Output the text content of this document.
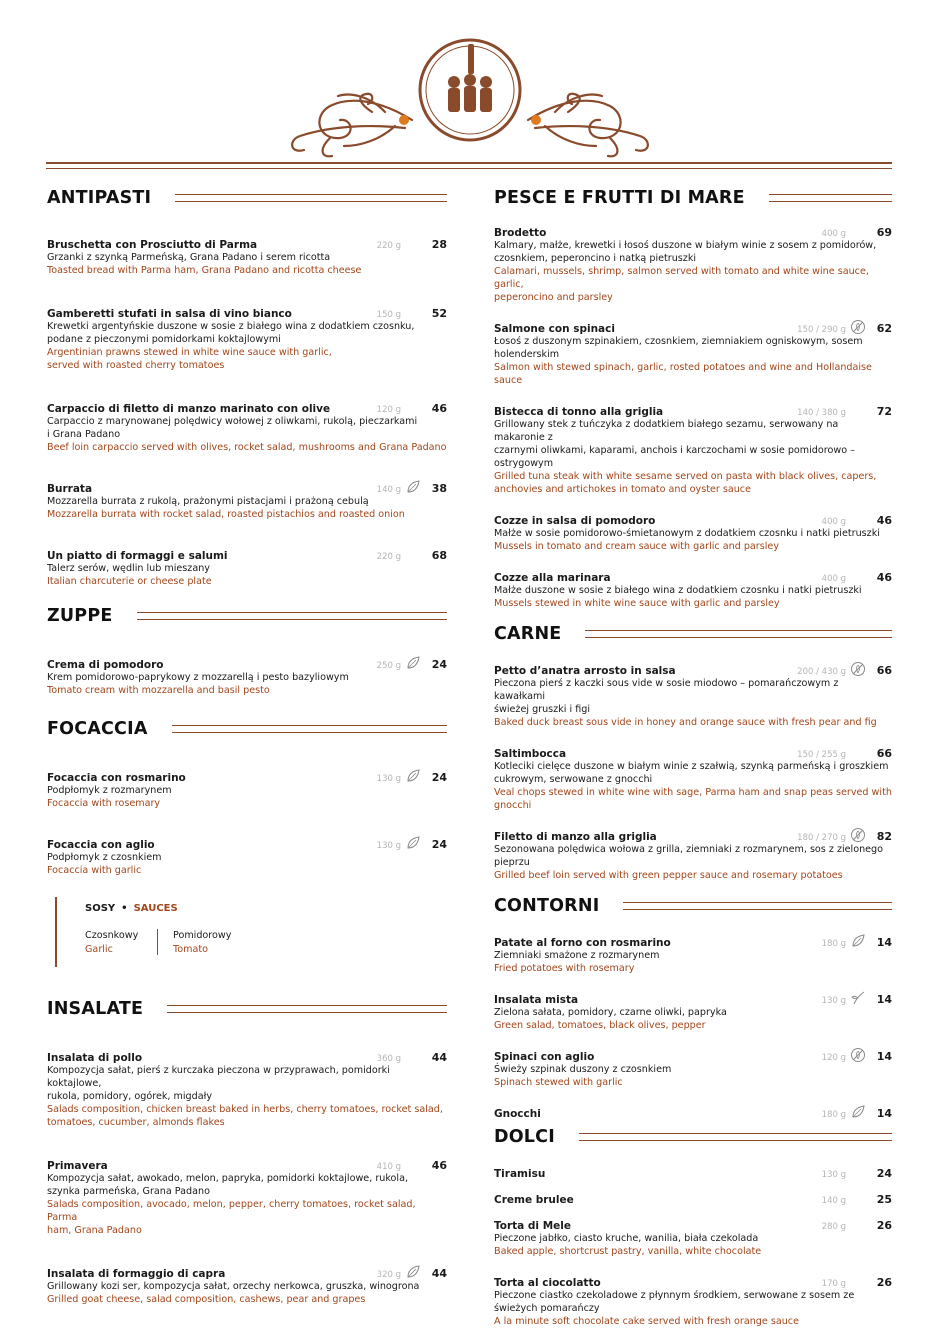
ANTIPASTI
Bruschetta con Prosciutto di Parma	220 g	28
Grzanki z szynką Parmeńską, Grana Padano i serem ricotta
Toasted bread with Parma ham, Grana Padano and ricotta cheese
Gamberetti stufati in salsa di vino bianco	150 g	52
Krewetki argentyńskie duszone w sosie z białego wina z dodatkiem czosnku,
podane z pieczonymi pomidorkami koktajlowymi
Argentinian prawns stewed in white wine sauce with garlic,
served with roasted cherry tomatoes
Carpaccio di filetto di manzo marinato con olive	120 g	46
Carpaccio z marynowanej polędwicy wołowej z oliwkami, rukolą, pieczarkami
i Grana Padano
Beef loin carpaccio served with olives, rocket salad, mushrooms and Grana Padano
Burrata	140 g	38
Mozzarella burrata z rukolą, prażonymi pistacjami i prażoną cebulą
Mozzarella burrata with rocket salad, roasted pistachios and roasted onion
Un piatto di formaggi e salumi	220 g	68
Talerz serów, wędlin lub mieszany
Italian charcuterie or cheese plate
ZUPPE
Crema di pomodoro	250 g	24
Krem pomidorowo-paprykowy z mozzarellą i pesto bazyliowym
Tomato cream with mozzarella and basil pesto
FOCACCIA
Focaccia con rosmarino	130 g	24
Podpłomyk z rozmarynem
Focaccia with rosemary
Focaccia con aglio	130 g	24
Podpłomyk z czosnkiem
Focaccia with garlic
SOSY • SAUCES
Czosnkowy
Garlic
Pomidorowy
Tomato
INSALATE
Insalata di pollo	360 g	44
Kompozycja sałat, pierś z kurczaka pieczona w przyprawach, pomidorki koktajlowe,
rukola, pomidory, ogórek, migdały
Salads composition, chicken breast baked in herbs, cherry tomatoes, rocket salad,
tomatoes, cucumber, almonds flakes
Primavera	410 g	46
Kompozycja sałat, awokado, melon, papryka, pomidorki koktajlowe, rukola,
szynka parmeńska, Grana Padano
Salads composition, avocado, melon, pepper, cherry tomatoes, rocket salad, Parma
ham, Grana Padano
Insalata di formaggio di capra	320 g	44
Grillowany kozi ser, kompozycja sałat, orzechy nerkowca, gruszka, winogrona
Grilled goat cheese, salad composition, cashews, pear and grapes
PESCE E FRUTTI DI MARE
Brodetto	400 g	69
Kalmary, małże, krewetki i łosoś duszone w białym winie z sosem z pomidorów,
czosnkiem, peperoncino i natką pietruszki
Calamari, mussels, shrimp, salmon served with tomato and white wine sauce, garlic,
peperoncino and parsley
Salmone con spinaci	150 / 290 g	62
Łosoś z duszonym szpinakiem, czosnkiem, ziemniakiem ogniskowym, sosem
holenderskim
Salmon with stewed spinach, garlic, rosted potatoes and wine and Hollandaise
sauce
Bistecca di tonno alla griglia	140 / 380 g	72
Grillowany stek z tuńczyka z dodatkiem białego sezamu, serwowany na makaronie z
czarnymi oliwkami, kaparami, anchois i karczochami w sosie pomidorowo –
ostrygowym
Grilled tuna steak with white sesame served on pasta with black olives, capers,
anchovies and artichokes in tomato and oyster sauce
Cozze in salsa di pomodoro	400 g	46
Małże w sosie pomidorowo-śmietanowym z dodatkiem czosnku i natki pietruszki
Mussels in tomato and cream sauce with garlic and parsley
Cozze alla marinara	400 g	46
Małże duszone w sosie z białego wina z dodatkiem czosnku i natki pietruszki
Mussels stewed in white wine sauce with garlic and parsley
CARNE
Petto d’anatra arrosto in salsa	200 / 430 g	66
Pieczona pierś z kaczki sous vide w sosie miodowo – pomarańczowym z kawałkami
świeżej gruszki i figi
Baked duck breast sous vide in honey and orange sauce with fresh pear and fig
Saltimbocca	150 / 255 g	66
Kotleciki cielęce duszone w białym winie z szałwią, szynką parmeńską i groszkiem
cukrowym, serwowane z gnocchi
Veal chops stewed in white wine with sage, Parma ham and snap peas served with
gnocchi
Filetto di manzo alla griglia	180 / 270 g	82
Sezonowana polędwica wołowa z grilla, ziemniaki z rozmarynem, sos z zielonego
pieprzu
Grilled beef loin served with green pepper sauce and rosemary potatoes
CONTORNI
Patate al forno con rosmarino	180 g	14
Ziemniaki smażone z rozmarynem
Fried potatoes with rosemary
Insalata mista	130 g	14
Zielona sałata, pomidory, czarne oliwki, papryka
Green salad, tomatoes, black olives, pepper
Spinaci con aglio	120 g	14
Świeży szpinak duszony z czosnkiem
Spinach stewed with garlic
Gnocchi	180 g	14
DOLCI
Tiramisu	130 g	24
Creme brulee	140 g	25
Torta di Mele	280 g	26
Pieczone jabłko, ciasto kruche, wanilia, biała czekolada
Baked apple, shortcrust pastry, vanilla, white chocolate
Torta al ciocolatto	170 g	26
Pieczone ciastko czekoladowe z płynnym środkiem, serwowane z sosem ze
świeżych pomarańczy
A la minute soft chocolate cake served with fresh orange sauce
